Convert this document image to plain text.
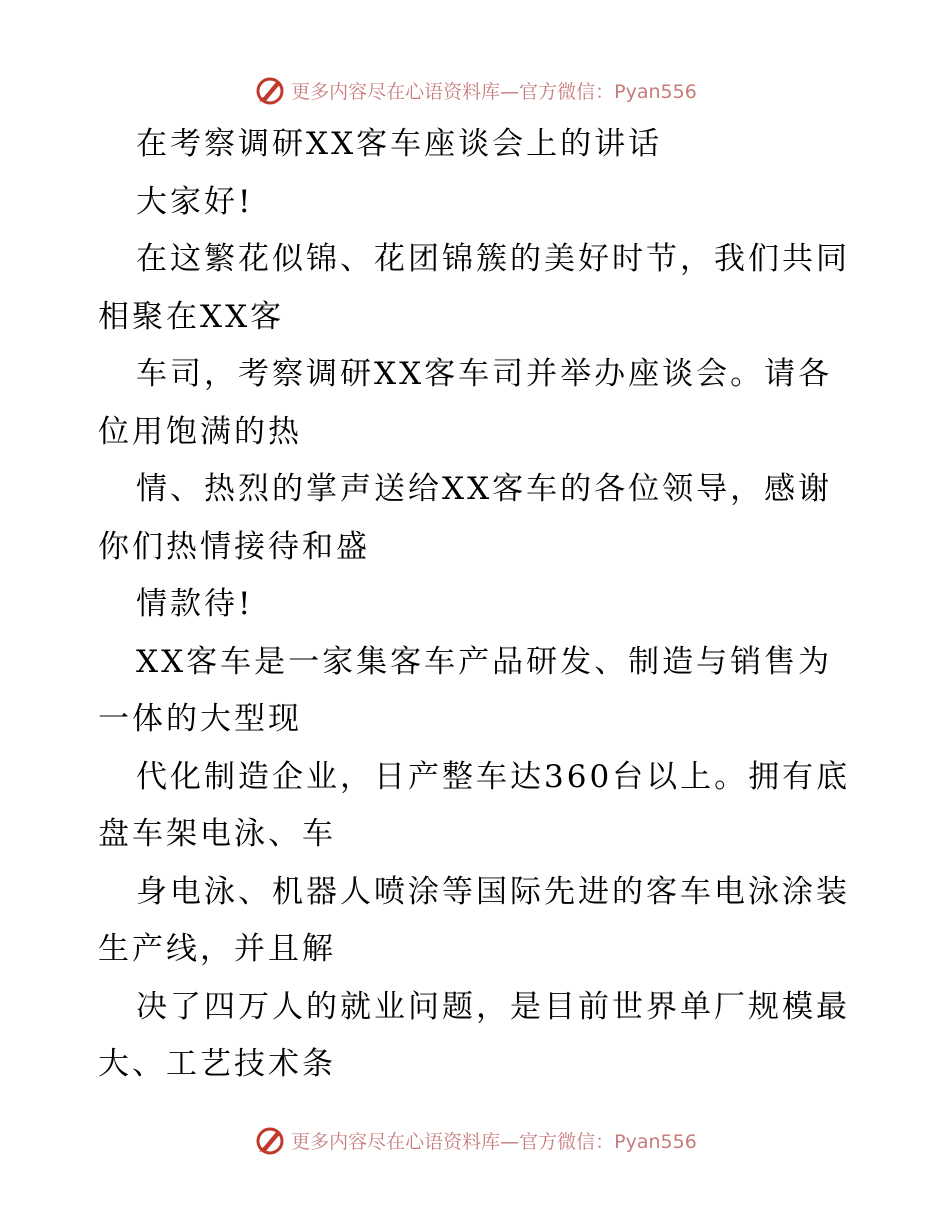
更多内容尽在心语资料库—官方微信：Pyan556
在考察调研XX客车座谈会上的讲话
大家好!
在这繁花似锦、花团锦簇的美好时节，我们共同
相聚在XX客
车司，考察调研XX客车司并举办座谈会。请各
位用饱满的热
情、热烈的掌声送给XX客车的各位领导，感谢
你们热情接待和盛
情款待!
XX客车是一家集客车产品研发、制造与销售为
一体的大型现
代化制造企业，日产整车达360台以上。拥有底
盘车架电泳、车
身电泳、机器人喷涂等国际先进的客车电泳涂装
生产线，并且解
决了四万人的就业问题，是目前世界单厂规模最
大、工艺技术条
更多内容尽在心语资料库—官方微信：Pyan556
